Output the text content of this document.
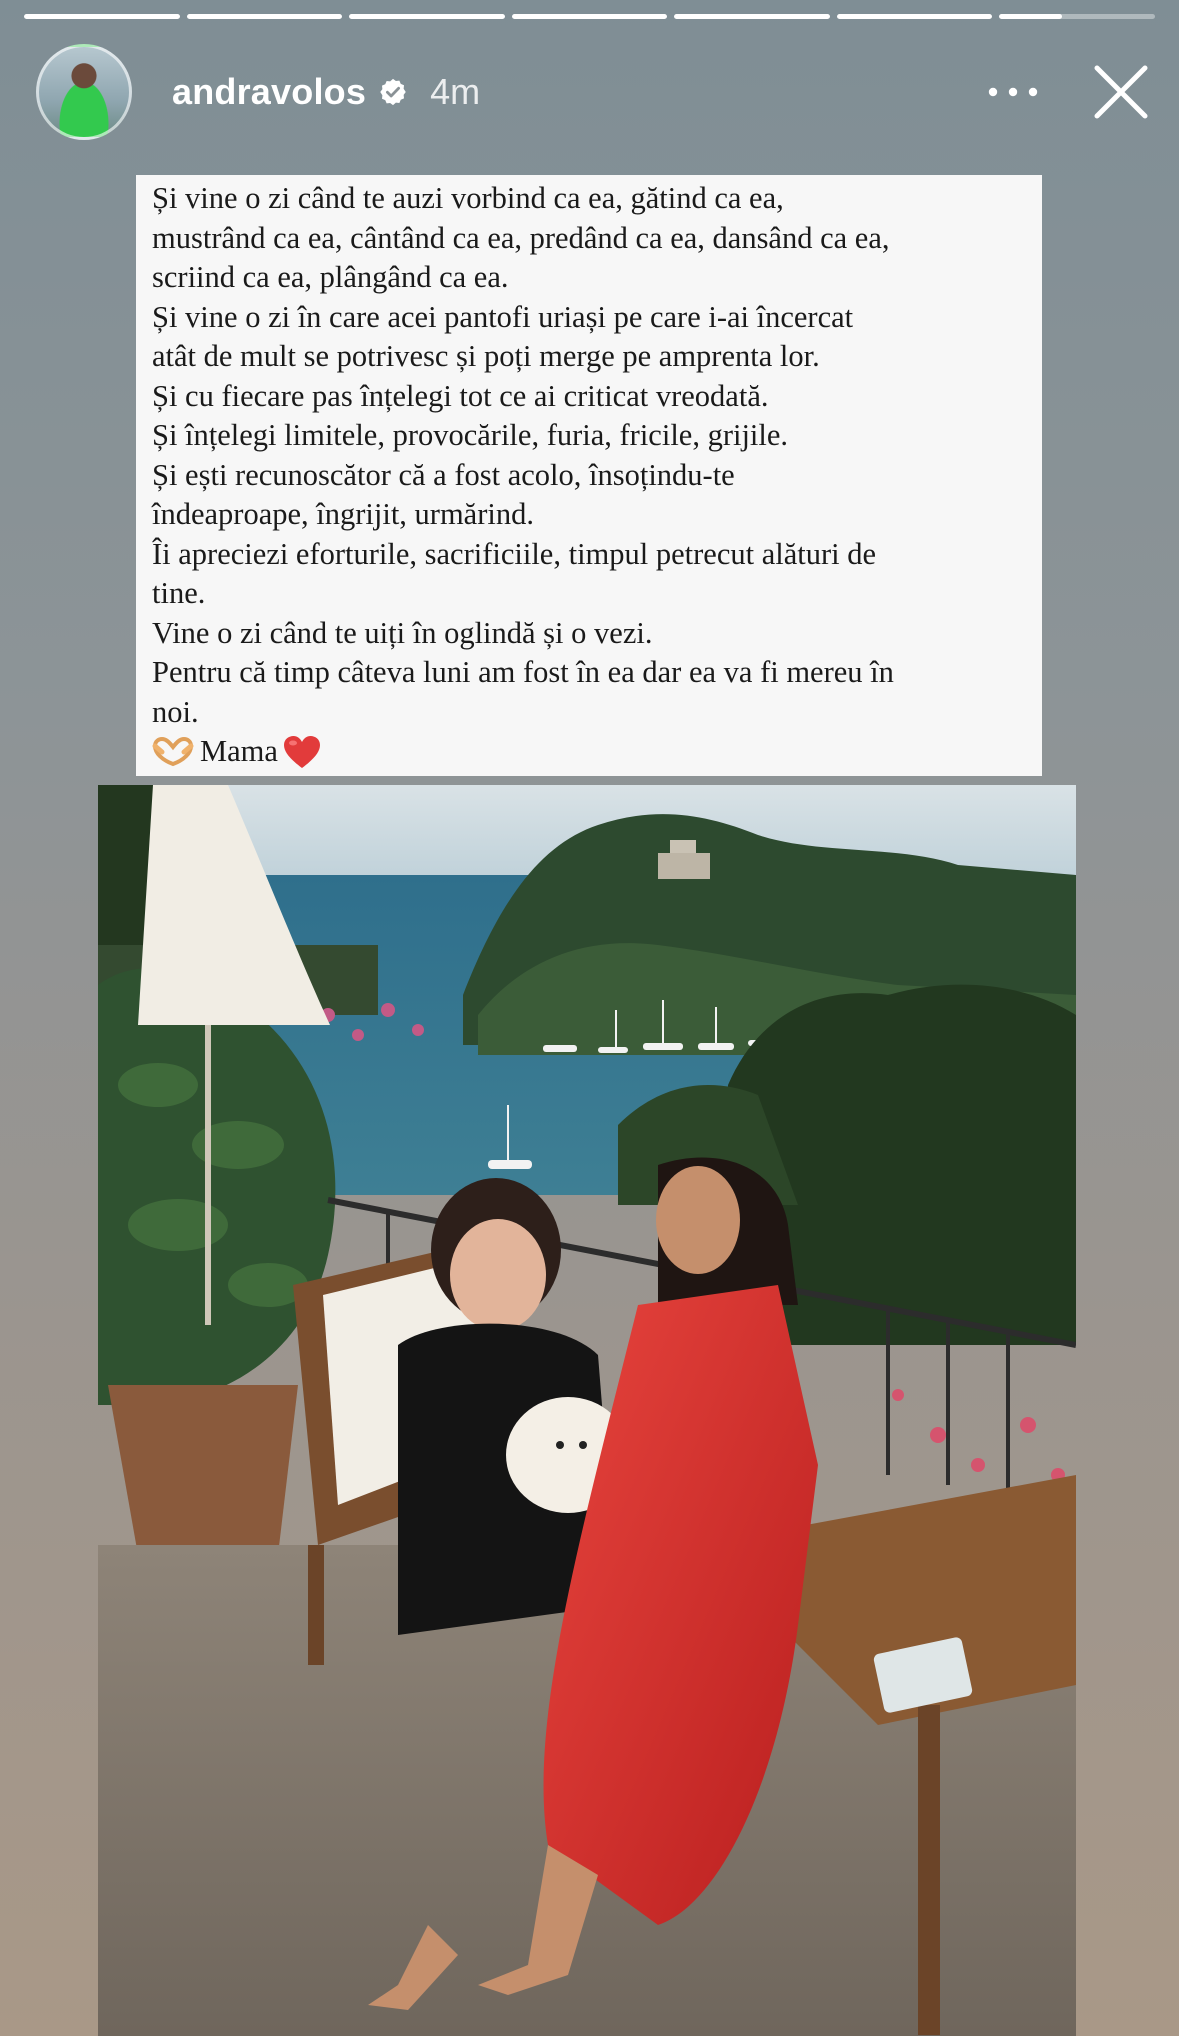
andravolos 4m

Și vine o zi când te auzi vorbind ca ea, gătind ca ea,

mustrând ca ea, cântând ca ea, predând ca ea, dansând ca ea,

scriind ca ea, plângând ca ea.

Și vine o zi în care acei pantofi uriași pe care i-ai încercat

atât de mult se potrivesc și poți merge pe amprenta lor.

Și cu fiecare pas înțelegi tot ce ai criticat vreodată.

Și înțelegi limitele, provocările, furia, fricile, grijile.

Și ești recunoscător că a fost acolo, însoțindu-te

îndeaproape, îngrijit, urmărind.

Îi apreciezi eforturile, sacrificiile, timpul petrecut alături de

tine.

Vine o zi când te uiți în oglindă și o vezi.

Pentru că timp câteva luni am fost în ea dar ea va fi mereu în

noi.

Mama
